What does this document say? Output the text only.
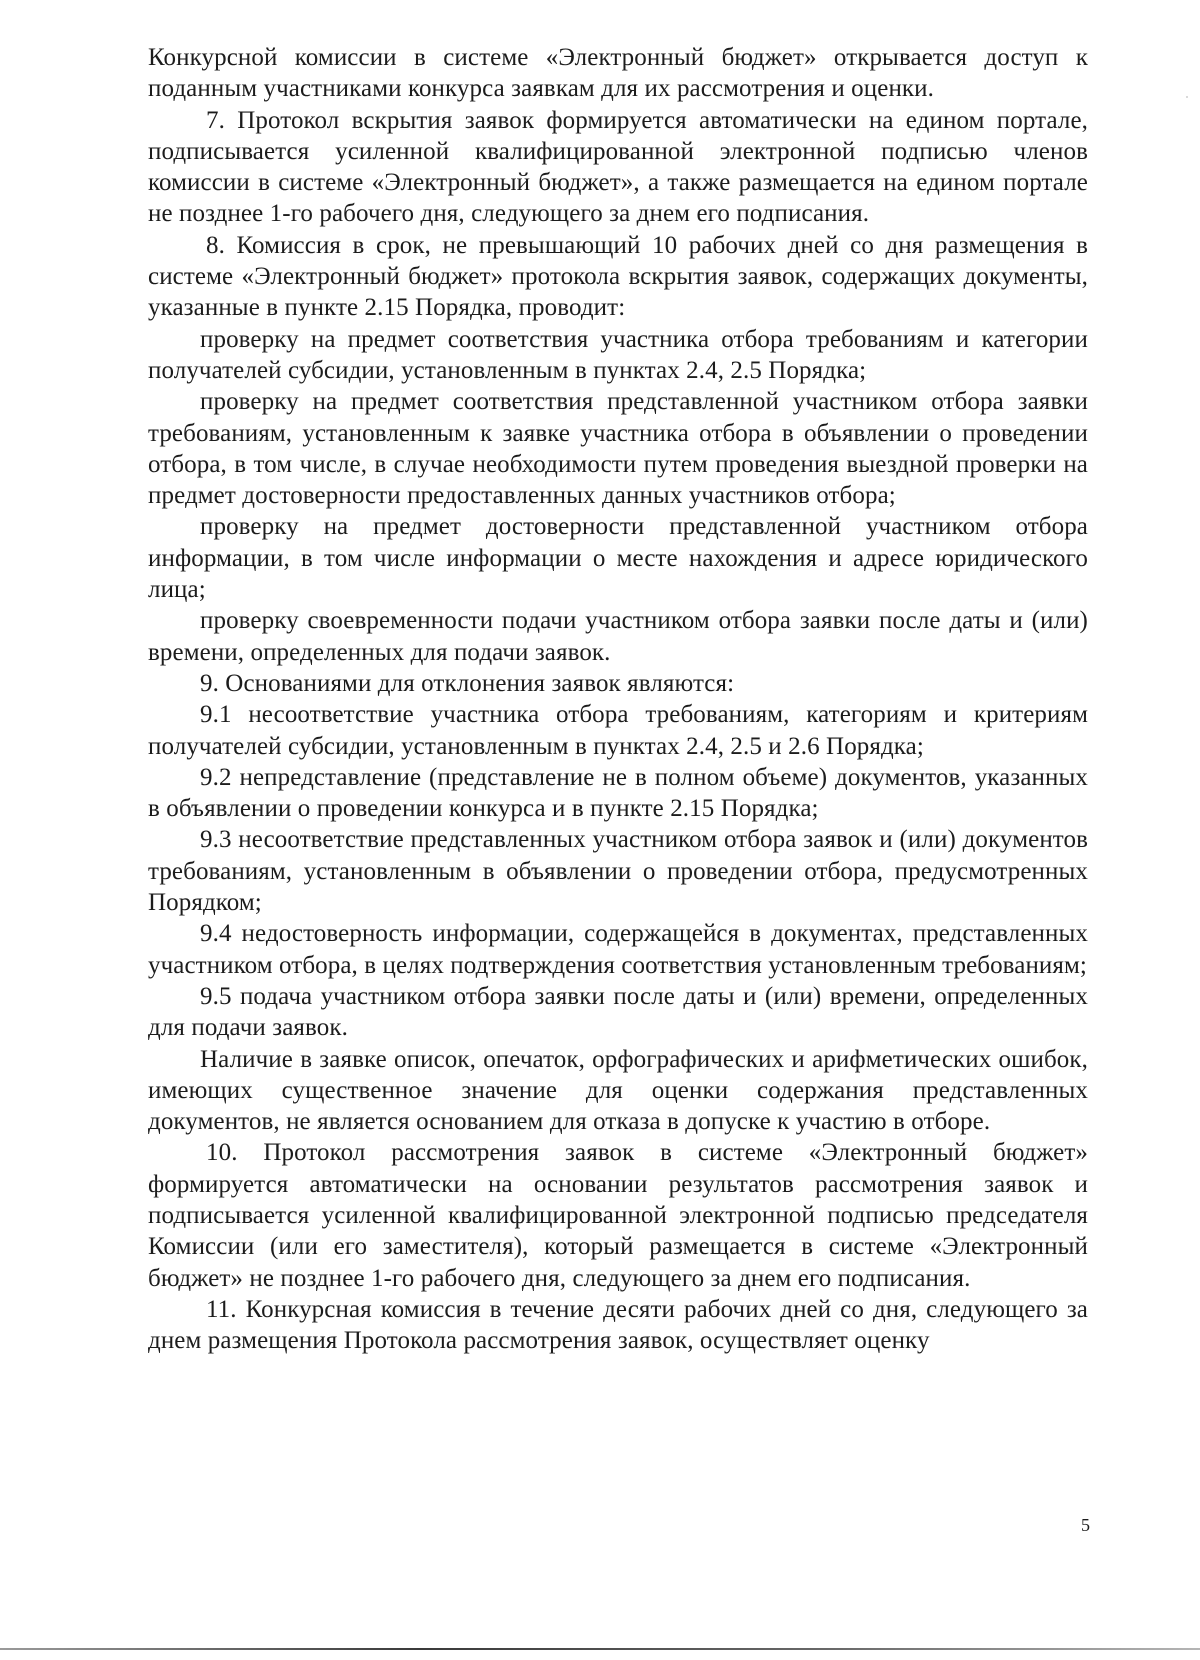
Конкурсной комиссии в системе «Электронный бюджет» открывается доступ к поданным участниками конкурса заявкам для их рассмотрения и оценки.

7. Протокол вскрытия заявок формируется автоматически на едином портале, подписывается усиленной квалифицированной электронной подписью членов комиссии в системе «Электронный бюджет», а также размещается на едином портале не позднее 1-го рабочего дня, следующего за днем его подписания.

8. Комиссия в срок, не превышающий 10 рабочих дней со дня размещения в системе «Электронный бюджет» протокола вскрытия заявок, содержащих документы, указанные в пункте 2.15 Порядка, проводит:

проверку на предмет соответствия участника отбора требованиям и категории получателей субсидии, установленным в пунктах 2.4, 2.5 Порядка;

проверку на предмет соответствия представленной участником отбора заявки требованиям, установленным к заявке участника отбора в объявлении о проведении отбора, в том числе, в случае необходимости путем проведения выездной проверки на предмет достоверности предоставленных данных участников отбора;

проверку на предмет достоверности представленной участником отбора информации, в том числе информации о месте нахождения и адресе юридического лица;

проверку своевременности подачи участником отбора заявки после даты и (или) времени, определенных для подачи заявок.

9. Основаниями для отклонения заявок являются:

9.1 несоответствие участника отбора требованиям, категориям и критериям получателей субсидии, установленным в пунктах 2.4, 2.5 и 2.6 Порядка;

9.2 непредставление (представление не в полном объеме) документов, указанных в объявлении о проведении конкурса и в пункте 2.15 Порядка;

9.3 несоответствие представленных участником отбора заявок и (или) документов требованиям, установленным в объявлении о проведении отбора, предусмотренных Порядком;

9.4 недостоверность информации, содержащейся в документах, представленных участником отбора, в целях подтверждения соответствия установленным требованиям;

9.5 подача участником отбора заявки после даты и (или) времени, определенных для подачи заявок.

Наличие в заявке описок, опечаток, орфографических и арифметических ошибок, имеющих существенное значение для оценки содержания представленных документов, не является основанием для отказа в допуске к участию в отборе.

10. Протокол рассмотрения заявок в системе «Электронный бюджет» формируется автоматически на основании результатов рассмотрения заявок и подписывается усиленной квалифицированной электронной подписью председателя Комиссии (или его заместителя), который размещается в системе «Электронный бюджет» не позднее 1-го рабочего дня, следующего за днем его подписания.

11. Конкурсная комиссия в течение десяти рабочих дней со дня, следующего за днем размещения Протокола рассмотрения заявок, осуществляет оценку

5
